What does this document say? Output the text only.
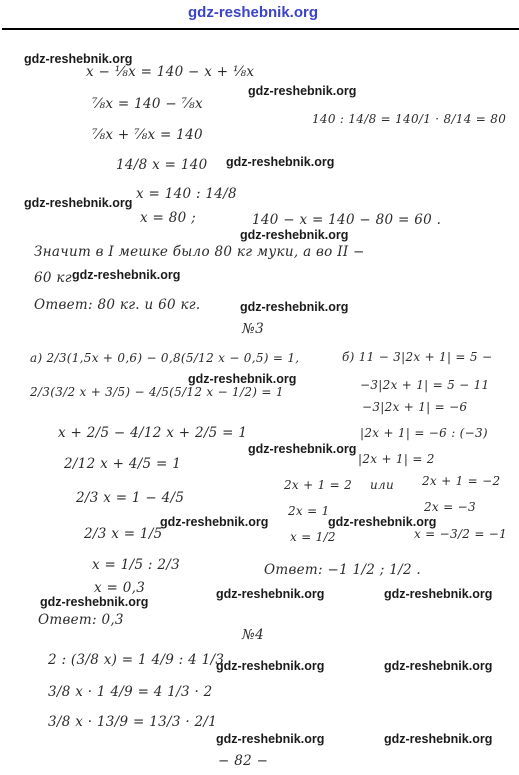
gdz-reshebnik.org
x − ⅛x = 140 − x + ⅛x
⅞x = 140 − ⅞x
⅞x + ⅞x = 140
14/8 x = 140
x = 140 : 14/8
x = 80 ;	140 − x = 140 − 80 = 60 .
140 : 14/8 = 140/1 · 8/14 = 80
Значит в I мешке было 80 кг муки, а во II −
60 кг
Ответ: 80 кг. и 60 кг.
№3
а) 2/3(1,5x + 0,6) − 0,8(5/12 x − 0,5) = 1,
2/3(3/2 x + 3/5) − 4/5(5/12 x − 1/2) = 1
x + 2/5 − 4/12 x + 2/5 = 1
2/12 x + 4/5 = 1
2/3 x = 1 − 4/5
2/3 x = 1/5
x = 1/5 : 2/3
x = 0,3
Ответ: 0,3
б) 11 − 3|2x + 1| = 5 −
−3|2x + 1| = 5 − 11
−3|2x + 1| = −6
|2x + 1| = −6 : (−3)
|2x + 1| = 2
2x + 1 = 2 или 2x + 1 = −2
2x = 1	2x = −3
x = 1/2	x = −3/2 = −1
Ответ: −1 1/2 ; 1/2 .
№4
2 : (3/8 x) = 1 4/9 : 4 1/3
3/8 x · 1 4/9 = 4 1/3 · 2
3/8 x · 13/9 = 13/3 · 2/1
− 82 −
gdz-reshebnik.org
gdz-reshebnik.org
gdz-reshebnik.org
gdz-reshebnik.org
gdz-reshebnik.org
gdz-reshebnik.org
gdz-reshebnik.org
gdz-reshebnik.org
gdz-reshebnik.org
gdz-reshebnik.org	gdz-reshebnik.org
gdz-reshebnik.org	gdz-reshebnik.org
gdz-reshebnik.org
gdz-reshebnik.org	gdz-reshebnik.org
gdz-reshebnik.org	gdz-reshebnik.org
